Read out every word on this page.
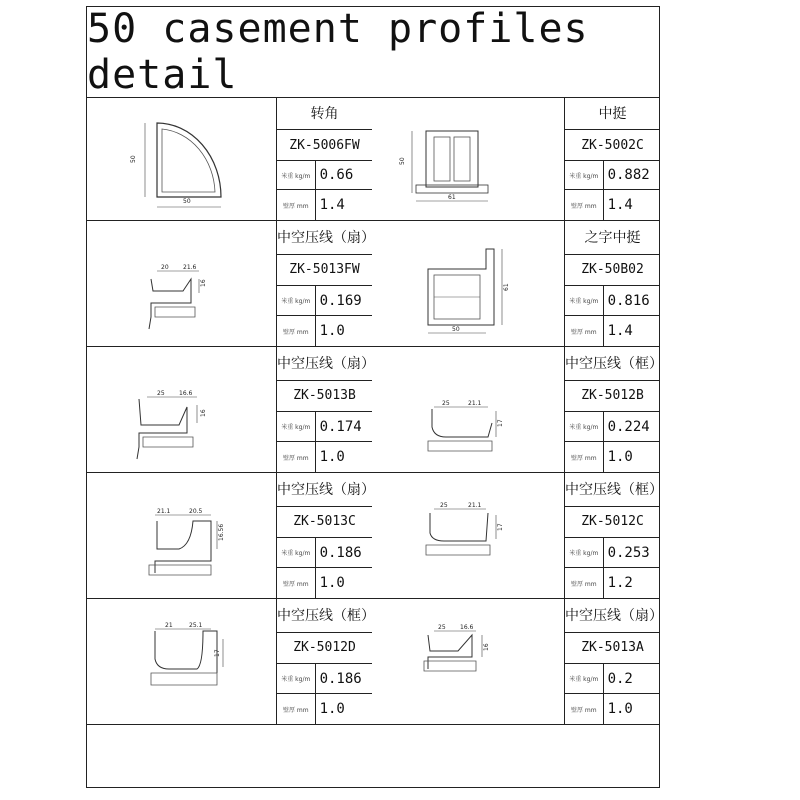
50 casement profiles detail
50
50
转角
ZK-5006FW
米重 kg/m 0.66
壁厚 mm 1.4
50
61
中挺
ZK-5002C
米重 kg/m 0.882
壁厚 mm 1.4
20 21.6
16
中空压线（扇）
ZK-5013FW
米重 kg/m 0.169
壁厚 mm 1.0
61
50
之字中挺
ZK-50B02
米重 kg/m 0.816
壁厚 mm 1.4
25 16.6
16
中空压线（扇）
ZK-5013B
米重 kg/m 0.174
壁厚 mm 1.0
25	21.1
17
中空压线（框）
ZK-5012B
米重 kg/m 0.224
壁厚 mm 1.0
21.1	20.5
16.56
中空压线（扇）
ZK-5013C
米重 kg/m 0.186
壁厚 mm 1.0
25	21.1
17
中空压线（框）
ZK-5012C
米重 kg/m 0.253
壁厚 mm 1.2
21	25.1
17
中空压线（框）
ZK-5012D
米重 kg/m 0.186
壁厚 mm 1.0
25 16.6
16
中空压线（扇）
ZK-5013A
米重 kg/m 0.2
壁厚 mm 1.0
